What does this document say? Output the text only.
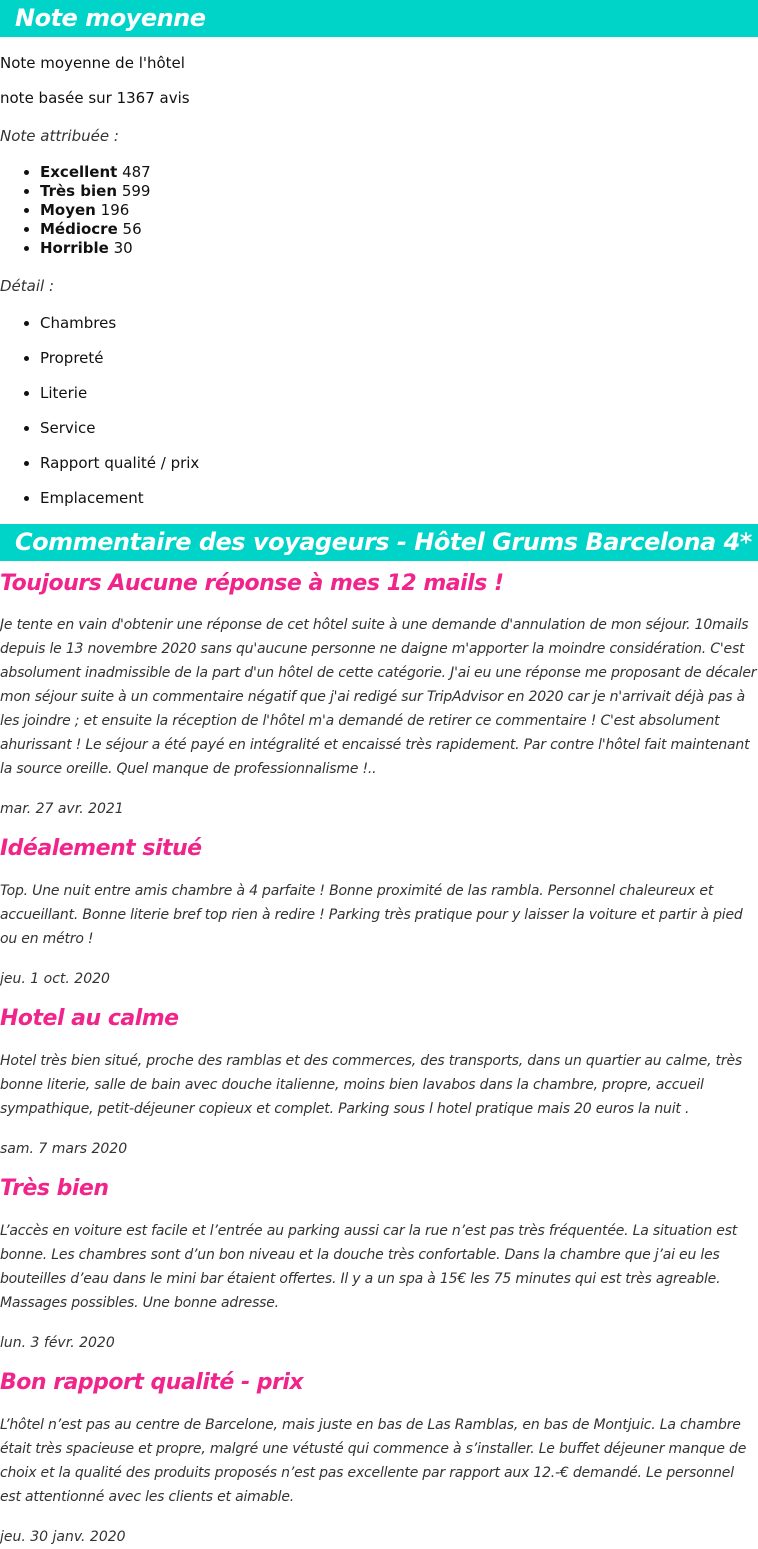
Note moyenne

Note moyenne de l'hôtel

note basée sur 1367 avis

Note attribuée :

• Excellent 487
• Très bien 599
• Moyen 196
• Médiocre 56
• Horrible 30

Détail :

• Chambres
• Propreté
• Literie
• Service
• Rapport qualité / prix
• Emplacement
Commentaire des voyageurs - Hôtel Grums Barcelona 4*
Toujours Aucune réponse à mes 12 mails !

Je tente en vain d'obtenir une réponse de cet hôtel suite à une demande d'annulation de mon séjour. 10mails depuis le 13 novembre 2020 sans qu'aucune personne ne daigne m'apporter la moindre considération. C'est absolument inadmissible de la part d'un hôtel de cette catégorie. J'ai eu une réponse me proposant de décaler mon séjour suite à un commentaire négatif que j'ai redigé sur TripAdvisor en 2020 car je n'arrivait déjà pas à les joindre ; et ensuite la réception de l'hôtel m'a demandé de retirer ce commentaire ! C'est absolument ahurissant ! Le séjour a été payé en intégralité et encaissé très rapidement. Par contre l'hôtel fait maintenant la source oreille. Quel manque de professionnalisme !..

mar. 27 avr. 2021

Idéalement situé

Top. Une nuit entre amis chambre à 4 parfaite ! Bonne proximité de las rambla. Personnel chaleureux et accueillant. Bonne literie bref top rien à redire ! Parking très pratique pour y laisser la voiture et partir à pied ou en métro !

jeu. 1 oct. 2020

Hotel au calme

Hotel très bien situé, proche des ramblas et des commerces, des transports, dans un quartier au calme, très bonne literie, salle de bain avec douche italienne, moins bien lavabos dans la chambre, propre, accueil sympathique, petit-déjeuner copieux et complet. Parking sous l hotel pratique mais 20 euros la nuit .

sam. 7 mars 2020

Très bien

L’accès en voiture est facile et l’entrée au parking aussi car la rue n’est pas très fréquentée. La situation est bonne. Les chambres sont d’un bon niveau et la douche très confortable. Dans la chambre que j’ai eu les bouteilles d’eau dans le mini bar étaient offertes. Il y a un spa à 15€ les 75 minutes qui est très agreable. Massages possibles. Une bonne adresse.

lun. 3 févr. 2020

Bon rapport qualité - prix

L’hôtel n’est pas au centre de Barcelone, mais juste en bas de Las Ramblas, en bas de Montjuic. La chambre était très spacieuse et propre, malgré une vétusté qui commence à s’installer. Le buffet déjeuner manque de choix et la qualité des produits proposés n’est pas excellente par rapport aux 12.-€ demandé. Le personnel est attentionné avec les clients et aimable.

jeu. 30 janv. 2020
